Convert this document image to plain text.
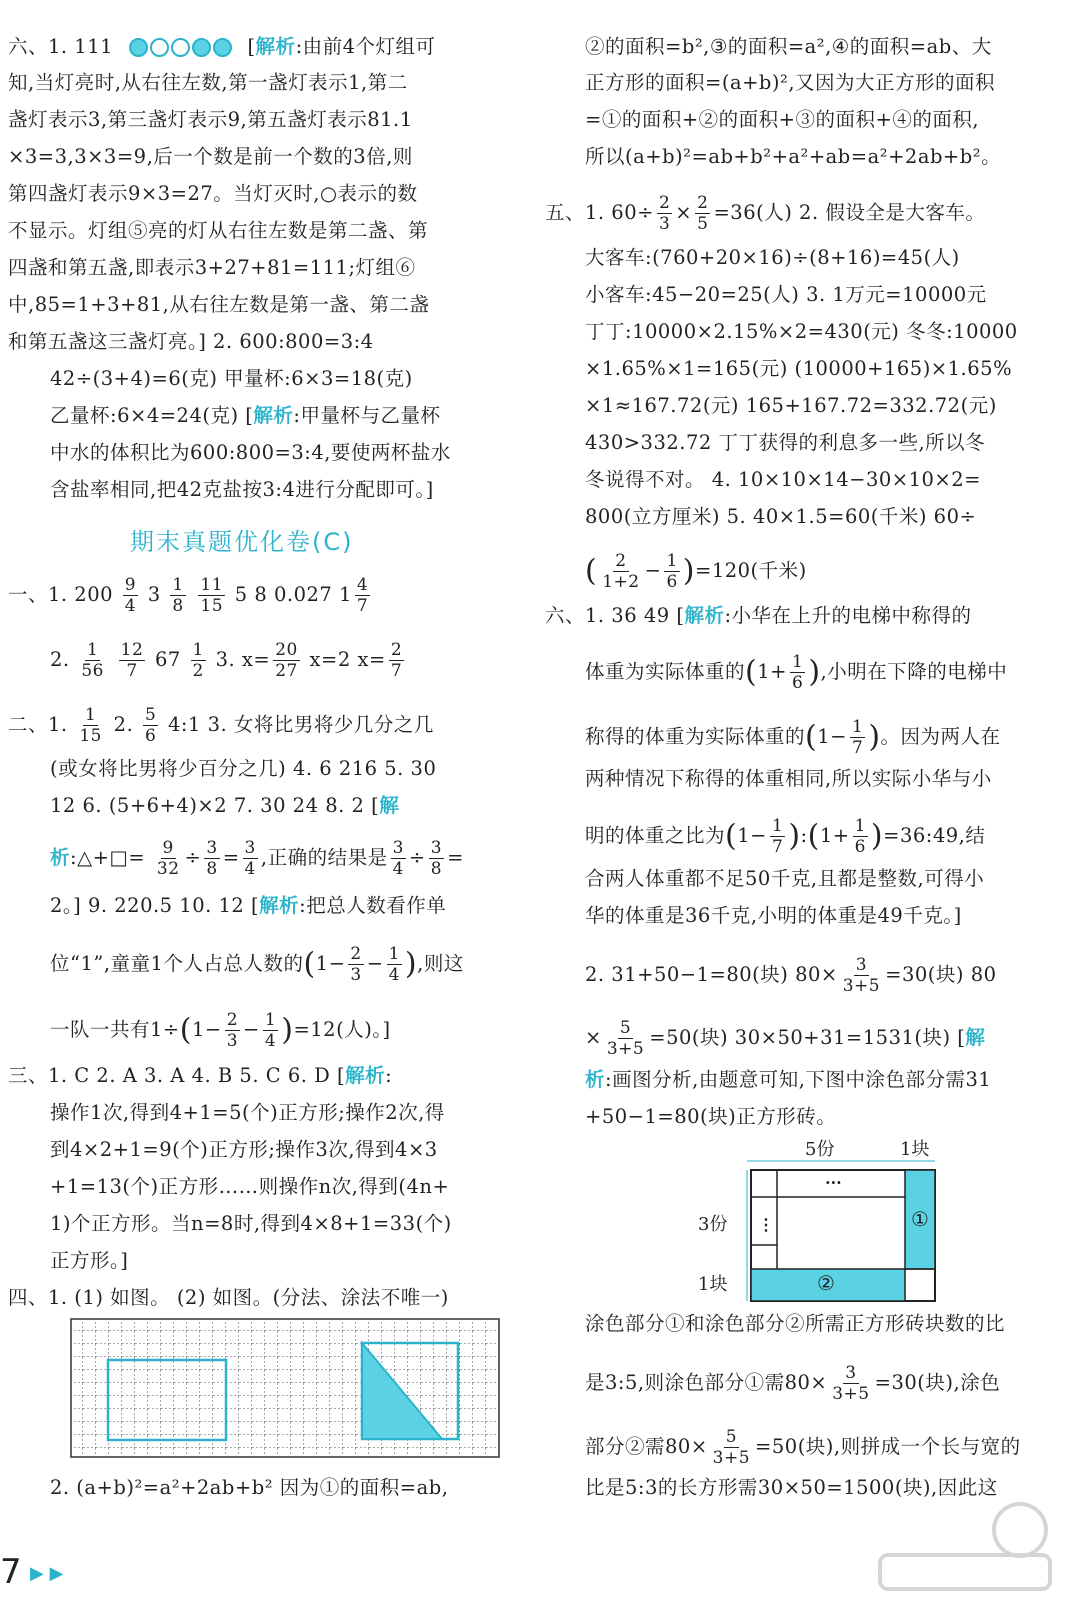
六、1. 111	[解析:由前4个灯组可
知,当灯亮时,从右往左数,第一盏灯表示1,第二
盏灯表示3,第三盏灯表示9,第五盏灯表示81.1
×3=3,3×3=9,后一个数是前一个数的3倍,则
第四盏灯表示9×3=27。当灯灭时,○表示的数
不显示。灯组⑤亮的灯从右往左数是第二盏、第
四盏和第五盏,即表示3+27+81=111;灯组⑥
中,85=1+3+81,从右往左数是第一盏、第二盏
和第五盏这三盏灯亮。] 2. 600:800=3:4
42÷(3+4)=6(克) 甲量杯:6×3=18(克)
乙量杯:6×4=24(克) [解析:甲量杯与乙量杯
中水的体积比为600:800=3:4,要使两杯盐水
含盐率相同,把42克盐按3:4进行分配即可。]
期末真题优化卷(C)
一、1. $200 \frac{9}{4} 3 \frac{1}{8}$
$\frac{11}{15} 5$ 8 0.027 $1 \frac{4}{7}$
2. $\frac{1}{56}$
$\frac{12}{7} 67 \frac{1}{2} 3$. $x= \frac{20}{27} x=2$ $x= \frac{2}{7}$
二、1. $\frac{1}{15} 2$. $\frac{5}{6}$ 4:1 3. 女将比男将少几分之几
(或女将比男将少百分之几) 4. 6 216 5. 30
12 6. (5+6+4)×2 7. 30 24 8. 2 [解
析:△+□= $\frac{9}{32} \div \frac{3}{8} = \frac{3}{4}$ ,正确的结果是 $\frac{3}{4} \div \frac{3}{8}$ =
2。] 9. 220.5 10. 12 [解析:把总人数看作单
位“1”,童童1个人占总人数的($1- \frac{2}{3} - \frac{1}{4}$ ),则这
一队一共有$1\div(1- \frac{2}{3} - \frac{1}{4} )=12$(人)。]
三、1. C 2. A 3. A 4. B 5. C 6. D [解析:
操作1次,得到4+1=5(个)正方形;操作2次,得
到4×2+1=9(个)正方形;操作3次,得到4×3
+1=13(个)正方形……则操作n次,得到(4n+
1)个正方形。当n=8时,得到4×8+1=33(个)
正方形。]
四、1. (1) 如图。 (2) 如图。(分法、涂法不唯一)
2. (a+b)²=a²+2ab+b² 因为①的面积=ab,
②的面积=b²,③的面积=a²,④的面积=ab、大
正方形的面积=(a+b)²,又因为大正方形的面积
=①的面积+②的面积+③的面积+④的面积,
所以(a+b)²=ab+b²+a²+ab=a²+2ab+b²。
五、1. $60\div \frac{2}{3} \times \frac{2}{5} =36$(人) 2. 假设全是大客车。
大客车:(760+20×16)÷(8+16)=45(人)
小客车:45−20=25(人) 3. 1万元=10000元
丁丁:10000×2.15%×2=430(元) 冬冬:10000
×1.65%×1=165(元) (10000+165)×1.65%
×1≈167.72(元) 165+167.72=332.72(元)
430>332.72 丁丁获得的利息多一些,所以冬
冬说得不对。 4. 10×10×14−30×10×2=
800(立方厘米) 5. 40×1.5=60(千米) 60÷
( $\frac{2}{1+2} - \frac{1}{6} )=120$(千米)
六、1. 36 49 [解析:小华在上升的电梯中称得的
体重为实际体重的($1+ \frac{1}{6}$ ),小明在下降的电梯中
称得的体重为实际体重的($1- \frac{1}{7}$ )。因为两人在
两种情况下称得的体重相同,所以实际小华与小
明的体重之比为($1- \frac{1}{7}$ ):(1+ $\frac{1}{6}$ )=36:49,结
合两人体重都不足50千克,且都是整数,可得小
华的体重是36千克,小明的体重是49千克。]
2. 31+50−1=80(块) $80\times \frac{3}{3+5} =30$(块) 80
× $\frac{5}{3+5} =50$(块) 30×50+31=1531(块) [解
析:画图分析,由题意可知,下图中涂色部分需31
+50−1=80(块)正方形砖。
5份	1块
3份
1块
···
⋮	①
②
涂色部分①和涂色部分②所需正方形砖块数的比
是3:5,则涂色部分①需$80\times \frac{3}{3+5} =30$(块),涂色
部分②需$80\times \frac{5}{3+5} =50$(块),则拼成一个长与宽的
比是5:3的长方形需30×50=1500(块),因此这
7 ▶ ▶
